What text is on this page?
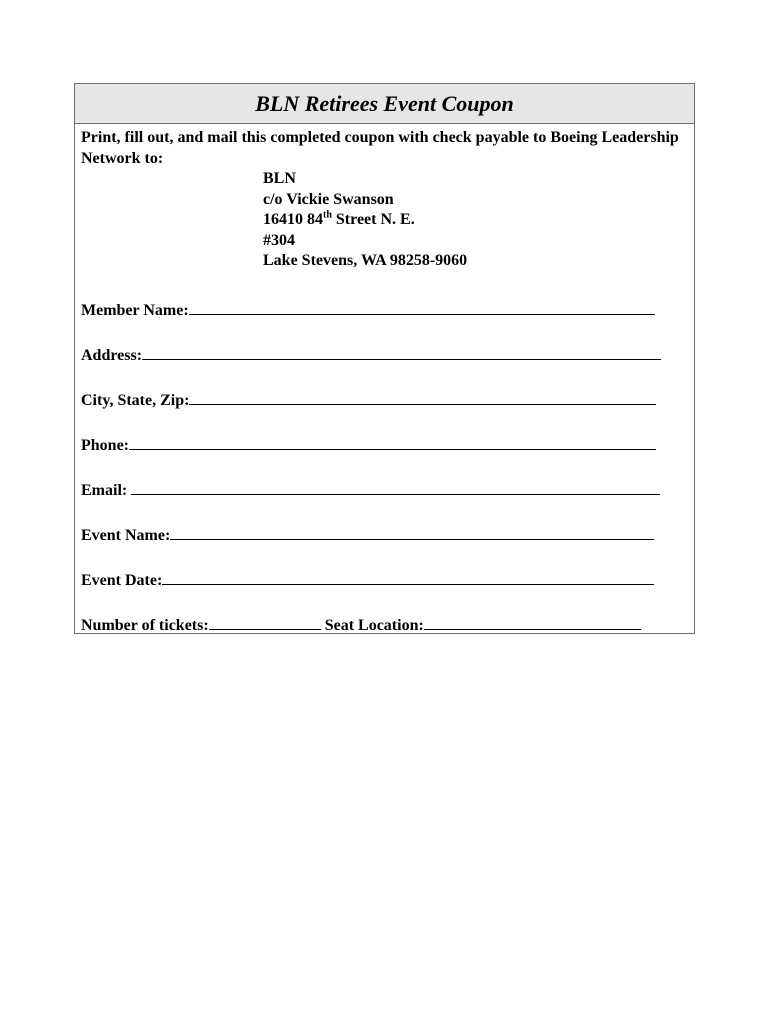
BLN Retirees Event Coupon
Print, fill out, and mail this completed coupon with check payable to Boeing Leadership Network to:
BLN
c/o Vickie Swanson
16410 84th Street N. E.
#304
Lake Stevens, WA 98258-9060
Member Name:
Address:
City, State, Zip:
Phone:
Email:
Event Name:
Event Date:
Number of tickets:	Seat Location:
